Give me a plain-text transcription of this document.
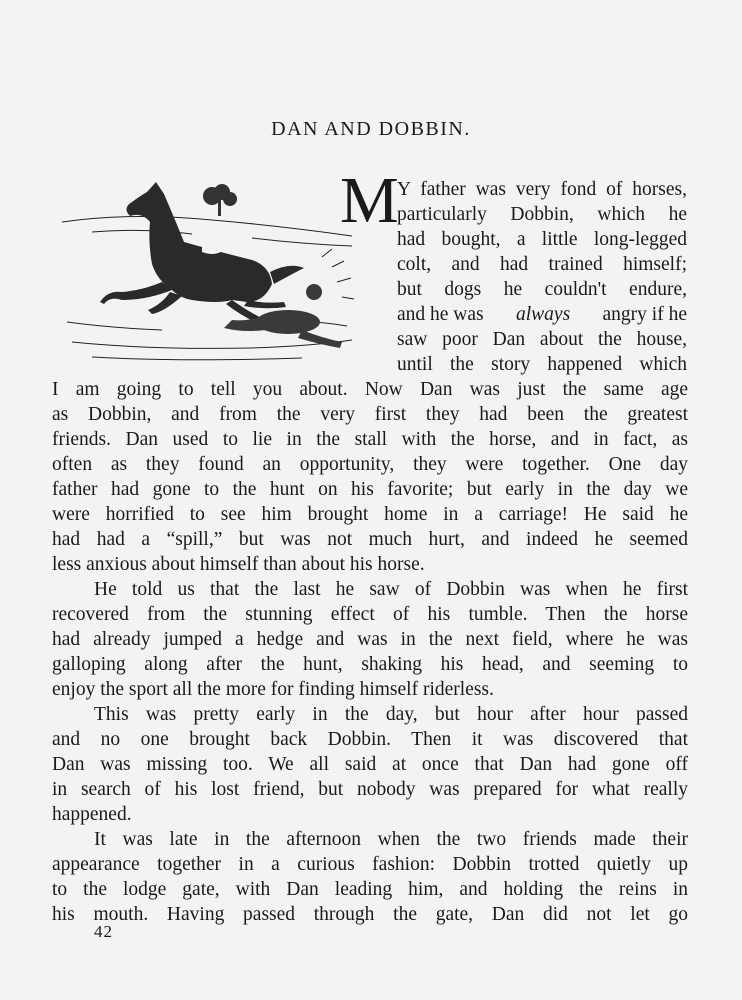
DAN AND DOBBIN.
M
Y father was very fond of horses,
particularly Dobbin, which he
had bought, a little long-legged
colt, and had trained himself;
but dogs he couldn't endure,
and he was always angry if he
saw poor Dan about the house,
until the story happened which
I am going to tell you about. Now Dan was just the same age
as Dobbin, and from the very first they had been the greatest
friends. Dan used to lie in the stall with the horse, and in fact, as
often as they found an opportunity, they were together. One day
father had gone to the hunt on his favorite; but early in the day we
were horrified to see him brought home in a carriage! He said he
had had a “spill,” but was not much hurt, and indeed he seemed
less anxious about himself than about his horse.
He told us that the last he saw of Dobbin was when he first
recovered from the stunning effect of his tumble. Then the horse
had already jumped a hedge and was in the next field, where he was
galloping along after the hunt, shaking his head, and seeming to
enjoy the sport all the more for finding himself riderless.
This was pretty early in the day, but hour after hour passed
and no one brought back Dobbin. Then it was discovered that
Dan was missing too. We all said at once that Dan had gone off
in search of his lost friend, but nobody was prepared for what really
happened.
It was late in the afternoon when the two friends made their
appearance together in a curious fashion: Dobbin trotted quietly up
to the lodge gate, with Dan leading him, and holding the reins in
his mouth. Having passed through the gate, Dan did not let go
42
